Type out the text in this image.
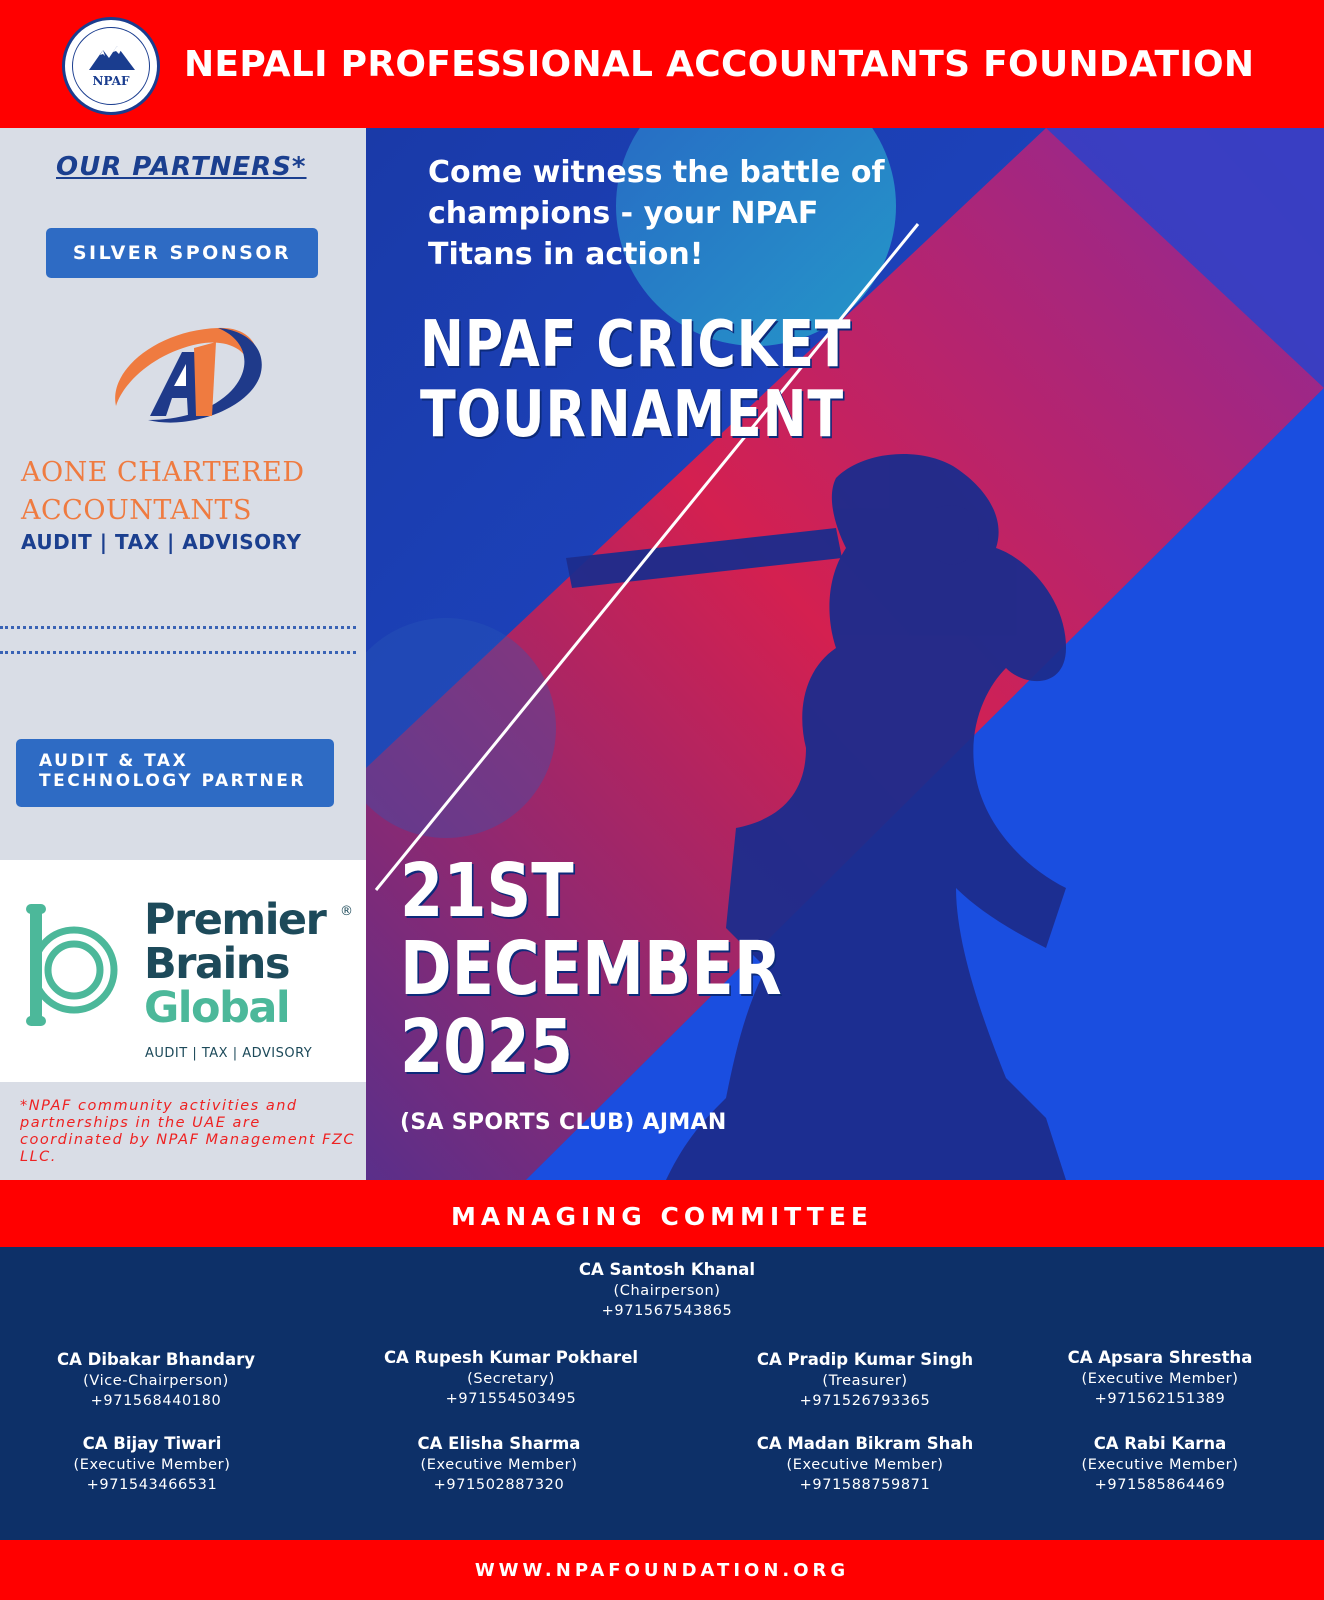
NPAF	NEPALI PROFESSIONAL ACCOUNTANTS FOUNDATION
OUR PARTNERS*
SILVER SPONSOR
AONE CHARTERED
ACCOUNTANTS
AUDIT | TAX | ADVISORY
AUDIT & TAX
TECHNOLOGY PARTNER
Premier
Brains
Global
®
AUDIT | TAX | ADVISORY
*NPAF community activities and partnerships in the UAE are coordinated by NPAF Management FZC LLC.
Come witness the battle of champions - your NPAF Titans in action!
NPAF CRICKET
TOURNAMENT
21ST
DECEMBER
2025
(SA SPORTS CLUB) AJMAN
MANAGING COMMITTEE
CA Santosh Khanal
(Chairperson)
+971567543865
CA Dibakar Bhandary
(Vice-Chairperson)
+971568440180
CA Rupesh Kumar Pokharel
(Secretary)
+971554503495
CA Pradip Kumar Singh
(Treasurer)
+971526793365
CA Apsara Shrestha
(Executive Member)
+971562151389
CA Bijay Tiwari
(Executive Member)
+971543466531
CA Elisha Sharma
(Executive Member)
+971502887320
CA Madan Bikram Shah
(Executive Member)
+971588759871
CA Rabi Karna
(Executive Member)
+971585864469
WWW.NPAFOUNDATION.ORG
